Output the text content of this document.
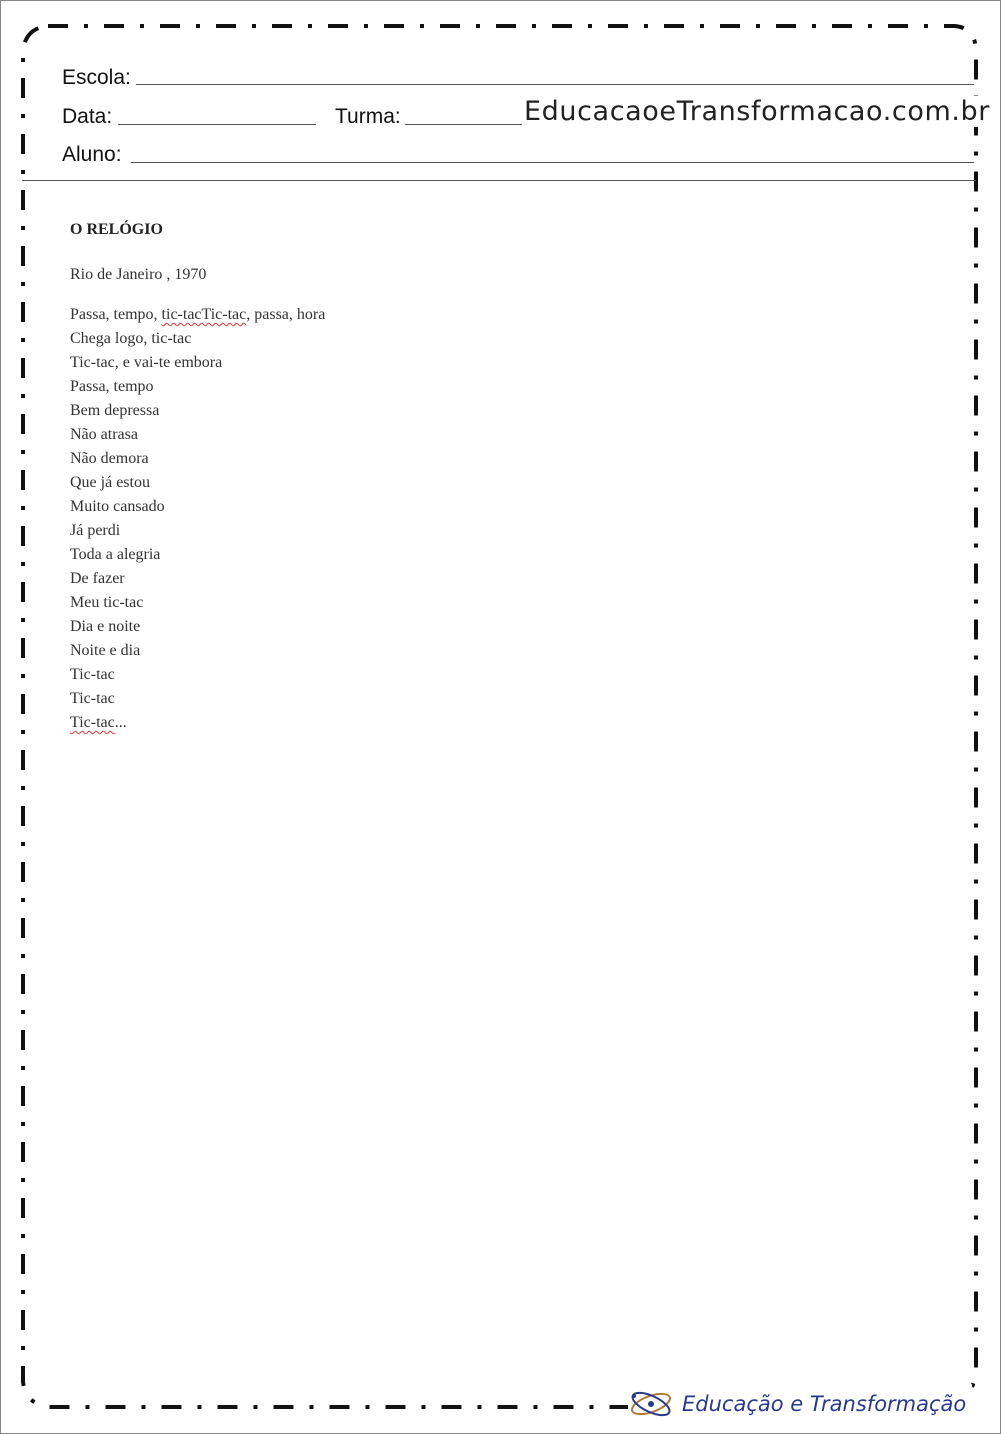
Escola:
Data:	Turma:	EducacaoeTransformacao.com.br
Aluno:

O RELÓGIO

Rio de Janeiro , 1970

Passa, tempo, tic-tacTic-tac, passa, hora
Chega logo, tic-tac
Tic-tac, e vai-te embora
Passa, tempo
Bem depressa
Não atrasa
Não demora
Que já estou
Muito cansado
Já perdi
Toda a alegria
De fazer
Meu tic-tac
Dia e noite
Noite e dia
Tic-tac
Tic-tac
Tic-tac...
Educação e Transformação
